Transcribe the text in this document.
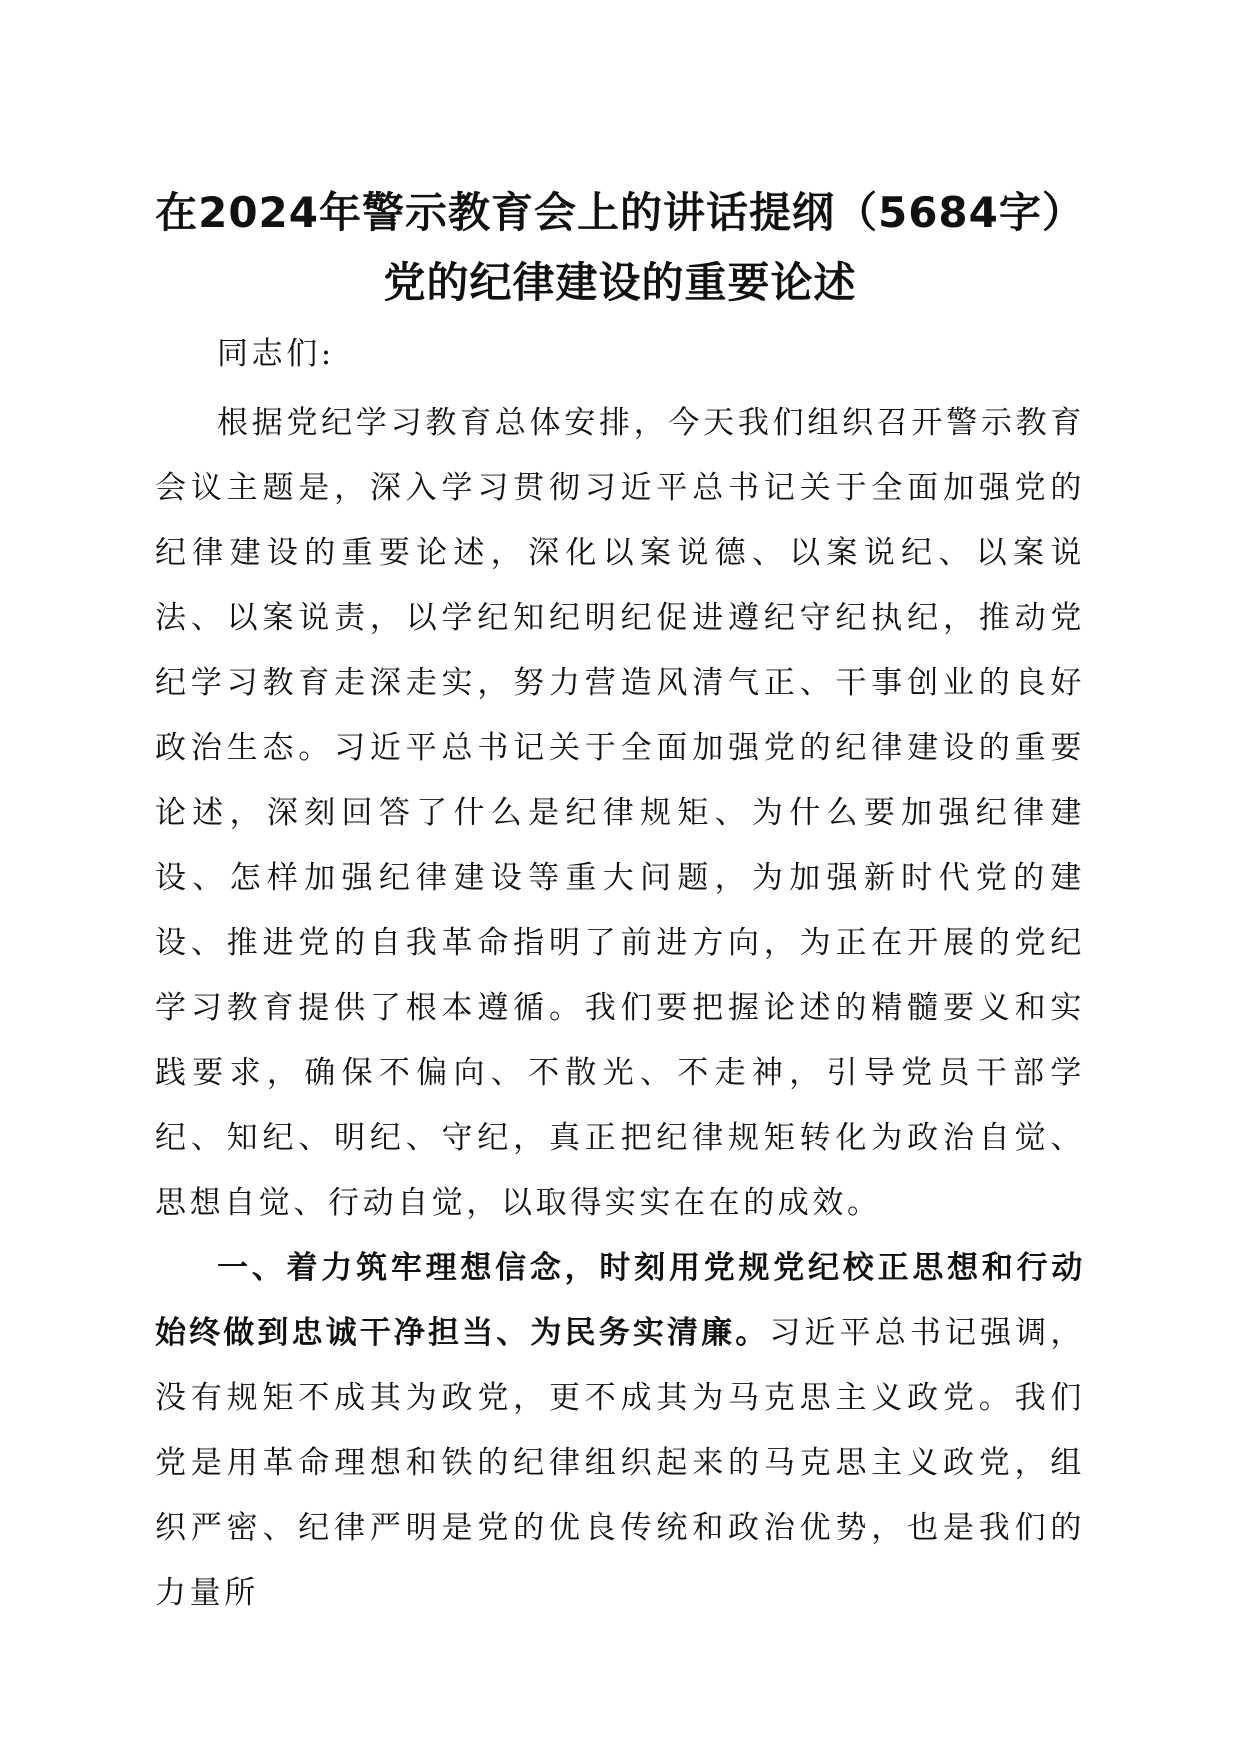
在2024年警示教育会上的讲话提纲（5684字）党的纪律建设的重要论述

同志们:

根据党纪学习教育总体安排，今天我们组织召开警示教育会议主题是，深入学习贯彻习近平总书记关于全面加强党的纪律建设的重要论述，深化以案说德、以案说纪、以案说法、以案说责，以学纪知纪明纪促进遵纪守纪执纪，推动党纪学习教育走深走实，努力营造风清气正、干事创业的良好政治生态。习近平总书记关于全面加强党的纪律建设的重要论述，深刻回答了什么是纪律规矩、为什么要加强纪律建设、怎样加强纪律建设等重大问题，为加强新时代党的建设、推进党的自我革命指明了前进方向，为正在开展的党纪学习教育提供了根本遵循。我们要把握论述的精髓要义和实践要求，确保不偏向、不散光、不走神，引导党员干部学纪、知纪、明纪、守纪，真正把纪律规矩转化为政治自觉、思想自觉、行动自觉，以取得实实在在的成效。

一、着力筑牢理想信念，时刻用党规党纪校正思想和行动始终做到忠诚干净担当、为民务实清廉。习近平总书记强调，没有规矩不成其为政党，更不成其为马克思主义政党。我们党是用革命理想和铁的纪律组织起来的马克思主义政党，组织严密、纪律严明是党的优良传统和政治优势，也是我们的力量所
